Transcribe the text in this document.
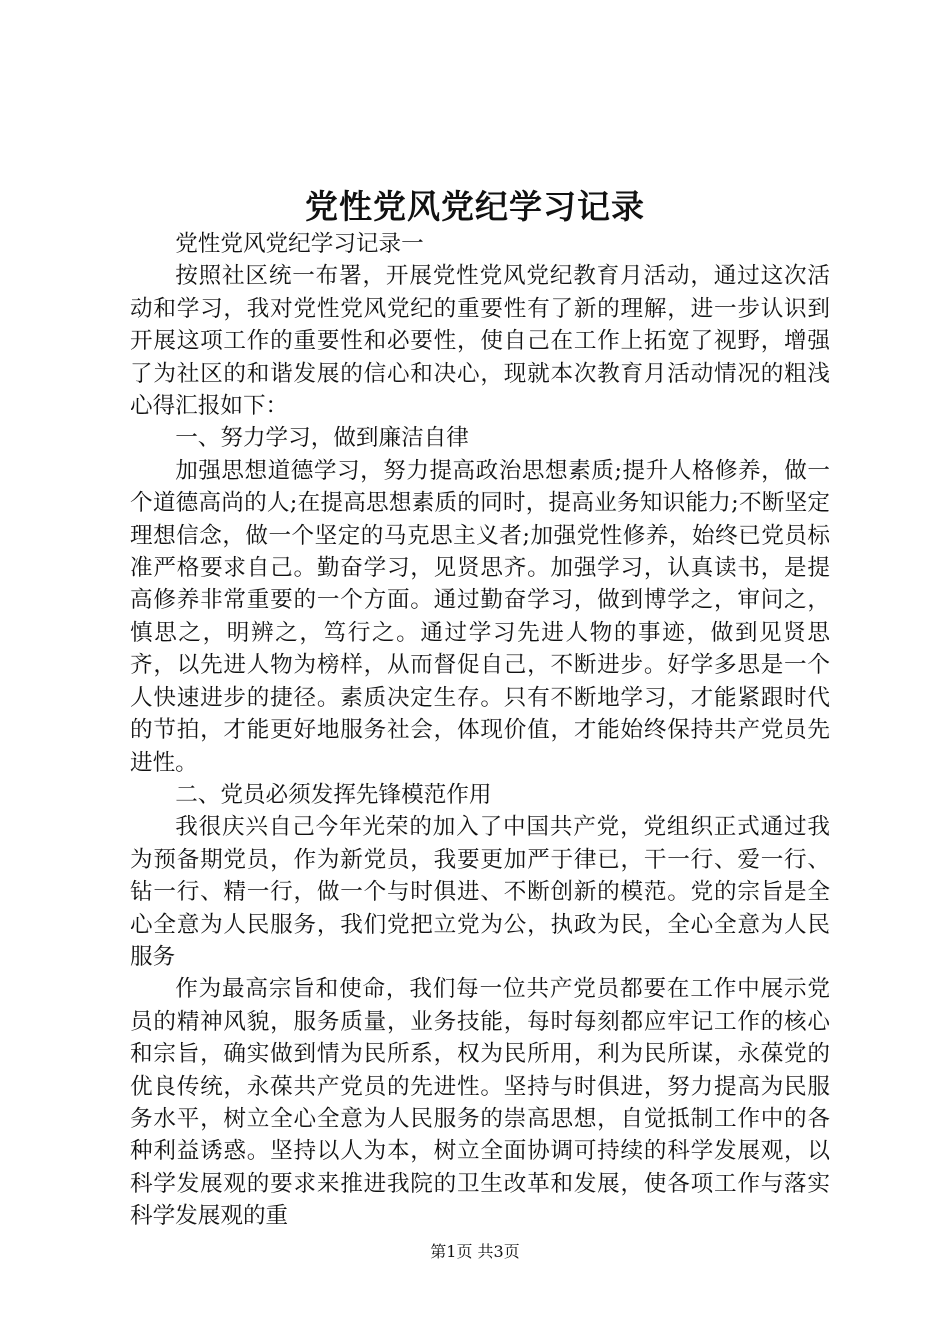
党性党风党纪学习记录

党性党风党纪学习记录一

按照社区统一布署，开展党性党风党纪教育月活动，通过这次活动和学习，我对党性党风党纪的重要性有了新的理解，进一步认识到开展这项工作的重要性和必要性，使自己在工作上拓宽了视野，增强了为社区的和谐发展的信心和决心，现就本次教育月活动情况的粗浅心得汇报如下：

一、努力学习，做到廉洁自律

加强思想道德学习，努力提高政治思想素质;提升人格修养，做一个道德高尚的人;在提高思想素质的同时，提高业务知识能力;不断坚定理想信念，做一个坚定的马克思主义者;加强党性修养，始终已党员标准严格要求自己。勤奋学习，见贤思齐。加强学习，认真读书，是提高修养非常重要的一个方面。通过勤奋学习，做到博学之，审问之，慎思之，明辨之，笃行之。通过学习先进人物的事迹，做到见贤思齐，以先进人物为榜样，从而督促自己，不断进步。好学多思是一个人快速进步的捷径。素质决定生存。只有不断地学习，才能紧跟时代的节拍，才能更好地服务社会，体现价值，才能始终保持共产党员先进性。

二、党员必须发挥先锋模范作用

我很庆兴自己今年光荣的加入了中国共产党，党组织正式通过我为预备期党员，作为新党员，我要更加严于律已，干一行、爱一行、钻一行、精一行，做一个与时俱进、不断创新的模范。党的宗旨是全心全意为人民服务，我们党把立党为公，执政为民，全心全意为人民服务

作为最高宗旨和使命，我们每一位共产党员都要在工作中展示党员的精神风貌，服务质量，业务技能，每时每刻都应牢记工作的核心和宗旨，确实做到情为民所系，权为民所用，利为民所谋，永葆党的优良传统，永葆共产党员的先进性。坚持与时俱进，努力提高为民服务水平，树立全心全意为人民服务的崇高思想，自觉抵制工作中的各种利益诱惑。坚持以人为本，树立全面协调可持续的科学发展观，以科学发展观的要求来推进我院的卫生改革和发展，使各项工作与落实科学发展观的重

第1页 共3页
